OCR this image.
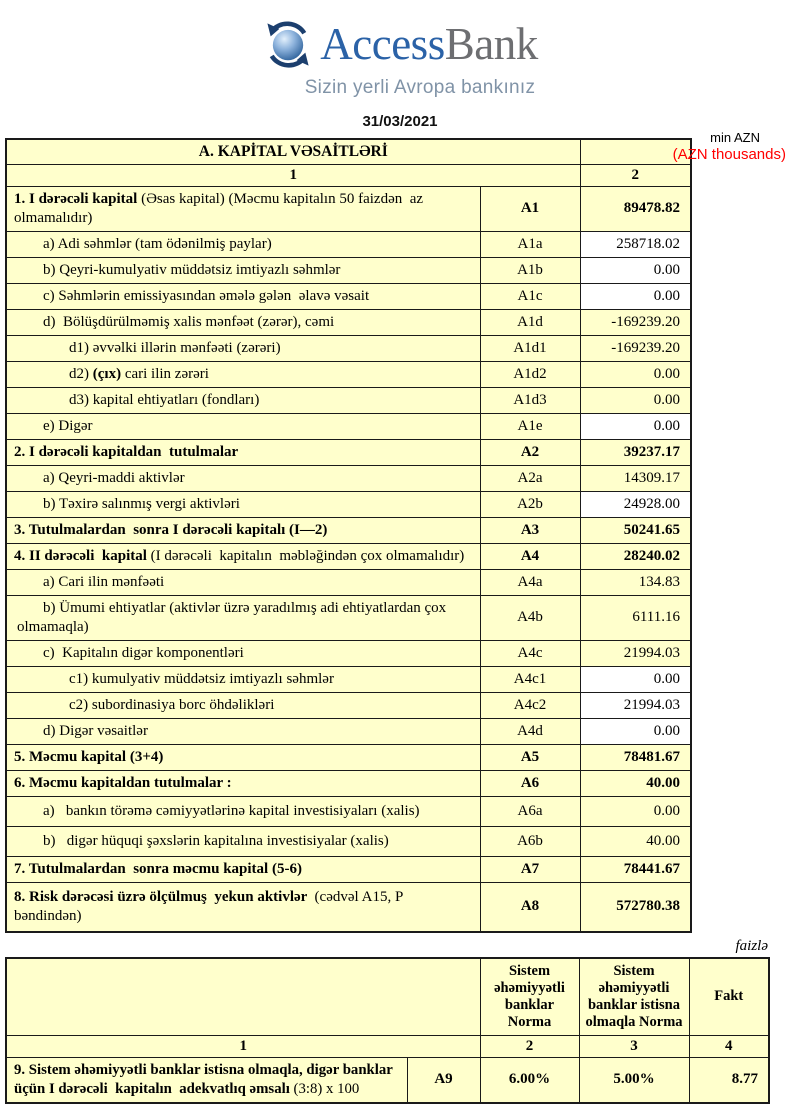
AccessBank
Sizin yerli Avropa bankınız
31/03/2021
min AZN
(AZN thousands)
A. KAPİTAL VƏSAİTLƏRİ		
1		2
1. I dərəcəli kapital (Əsas kapital) (Məcmu kapitalın 50 faizdən  az olmamalıdır)	A1	89478.82
a) Adi səhmlər (tam ödənilmiş paylar)	A1a	258718.02
b) Qeyri-kumulyativ müddətsiz imtiyazlı səhmlər	A1b	0.00
c) Səhmlərin emissiyasından əmələ gələn  əlavə vəsait	A1c	0.00
d)  Bölüşdürülməmiş xalis mənfəət (zərər), cəmi	A1d	-169239.20
d1) əvvəlki illərin mənfəəti (zərəri)	A1d1	-169239.20
d2) (çıx) cari ilin zərəri	A1d2	0.00
d3) kapital ehtiyatları (fondları)	A1d3	0.00
e) Digər	A1e	0.00
2. I dərəcəli kapitaldan  tutulmalar	A2	39237.17
a) Qeyri-maddi aktivlər	A2a	14309.17
b) Təxirə salınmış vergi aktivləri	A2b	24928.00
3. Tutulmalardan  sonra I dərəcəli kapitalı (I—2)	A3	50241.65
4. II dərəcəli  kapital (I dərəcəli  kapitalın  məbləğindən çox olmamalıdır)	A4	28240.02
a) Cari ilin mənfəəti	A4a	134.83
b) Ümumi ehtiyatlar (aktivlər üzrə yaradılmış adi ehtiyatlardan çox olmamaqla)	A4b	6111.16
c)  Kapitalın digər komponentləri	A4c	21994.03
c1) kumulyativ müddətsiz imtiyazlı səhmlər	A4c1	0.00
c2) subordinasiya borc öhdəlikləri	A4c2	21994.03
d) Digər vəsaitlər	A4d	0.00
5. Məcmu kapital (3+4)	A5	78481.67
6. Məcmu kapitaldan tutulmalar :	A6	40.00
a)   bankın törəmə cəmiyyətlərinə kapital investisiyaları (xalis)	A6a	0.00
b)   digər hüquqi şəxslərin kapitalına investisiyalar (xalis)	A6b	40.00
7. Tutulmalardan  sonra məcmu kapital (5-6)	A7	78441.67
8. Risk dərəcəsi üzrə ölçülmuş  yekun aktivlər  (cədvəl A15, P bəndindən)	A8	572780.38
faizlə
		Sistem əhəmiyyətli banklar Norma	Sistem əhəmiyyətli banklar istisna olmaqla Norma	Fakt
1		2	3	4
9. Sistem əhəmiyyətli banklar istisna olmaqla, digər banklar üçün I dərəcəli  kapitalın  adekvatlıq əmsalı (3:8) x 100	A9	6.00%	5.00%	8.77
